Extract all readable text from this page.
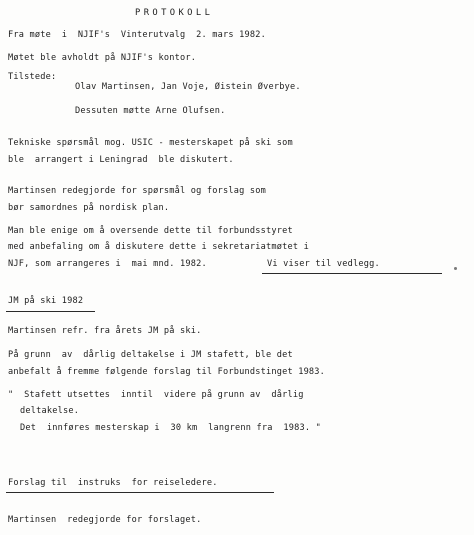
PROTOKOLL
Fra møte  i  NJIF's  Vinterutvalg  2. mars 1982.
Møtet ble avholdt på NJIF's kontor.
Tilstede:
Olav Martinsen, Jan Voje, Øistein Øverbye.
Dessuten møtte Arne Olufsen.
Tekniske spørsmål mog. USIC - mesterskapet på ski som
ble  arrangert i Leningrad  ble diskutert.
Martinsen redegjorde for spørsmål og forslag som
bør samordnes på nordisk plan.
Man ble enige om å oversende dette til forbundsstyret
med anbefaling om å diskutere dette i sekretariatmøtet i
NJF, som arrangeres i  mai mnd. 1982.	Vi viser til vedlegg.
JM på ski 1982
Martinsen refr. fra årets JM på ski.
På grunn  av  dårlig deltakelse i JM stafett, ble det
anbefalt å fremme følgende forslag til Forbundstinget 1983.
"  Stafett utsettes  inntil  videre på grunn av  dårlig
deltakelse.
Det  innføres mesterskap i  30 km  langrenn fra  1983. "
Forslag til  instruks  for reiseledere.
Martinsen  redegjorde for forslaget.
